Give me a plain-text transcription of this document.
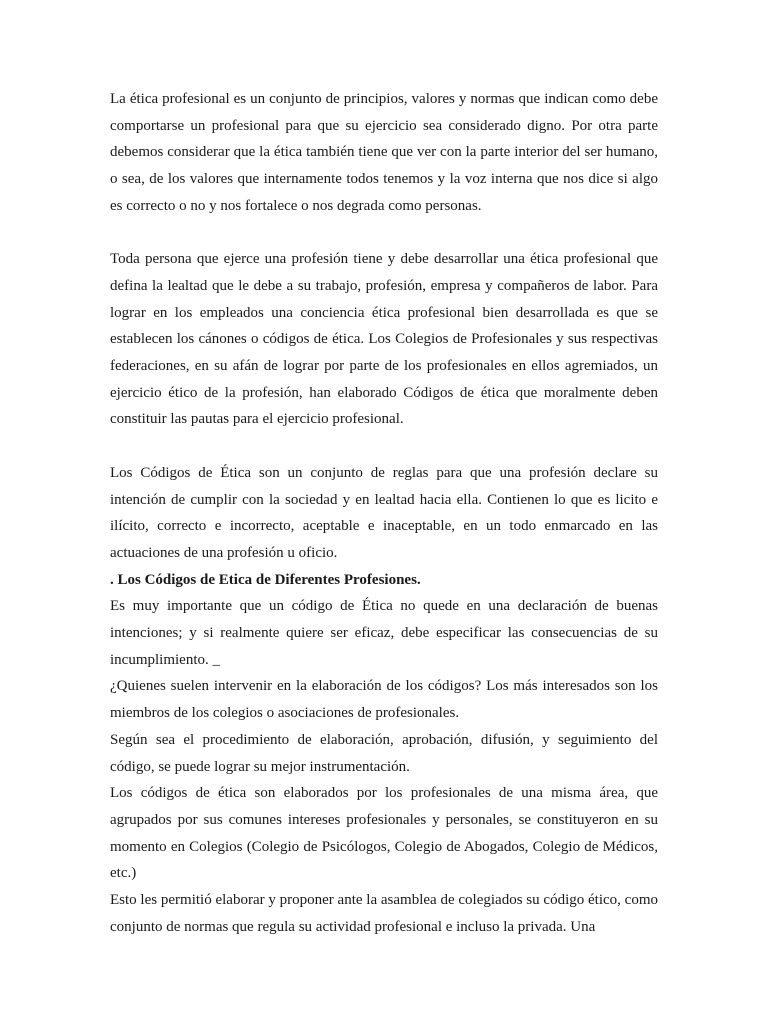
La ética profesional es un conjunto de principios, valores y normas que indican como debe comportarse un profesional para que su ejercicio sea considerado digno. Por otra parte debemos considerar que la ética también tiene que ver con la parte interior del ser humano, o sea, de los valores que internamente todos tenemos y la voz interna que nos dice si algo es correcto o no y nos fortalece o nos degrada como personas.

Toda persona que ejerce una profesión tiene y debe desarrollar una ética profesional que defina la lealtad que le debe a su trabajo, profesión, empresa y compañeros de labor. Para lograr en los empleados una conciencia ética profesional bien desarrollada es que se establecen los cánones o códigos de ética. Los Colegios de Profesionales y sus respectivas federaciones, en su afán de lograr por parte de los profesionales en ellos agremiados, un ejercicio ético de la profesión, han elaborado Códigos de ética que moralmente deben constituir las pautas para el ejercicio profesional.

Los Códigos de Ética son un conjunto de reglas para que una profesión declare su intención de cumplir con la sociedad y en lealtad hacia ella. Contienen lo que es licito e ilícito, correcto e incorrecto, aceptable e inaceptable, en un todo enmarcado en las actuaciones de una profesión u oficio.

. Los Códigos de Etica de Diferentes Profesiones.

Es muy importante que un código de Ética no quede en una declaración de buenas intenciones; y si realmente quiere ser eficaz, debe especificar las consecuencias de su incumplimiento. _

¿Quienes suelen intervenir en la elaboración de los códigos? Los más interesados son los miembros de los colegios o asociaciones de profesionales.

Según sea el procedimiento de elaboración, aprobación, difusión, y seguimiento del código, se puede lograr su mejor instrumentación.

Los códigos de ética son elaborados por los profesionales de una misma área, que agrupados por sus comunes intereses profesionales y personales, se constituyeron en su momento en Colegios (Colegio de Psicólogos, Colegio de Abogados, Colegio de Médicos, etc.)

Esto les permitió elaborar y proponer ante la asamblea de colegiados su código ético, como conjunto de normas que regula su actividad profesional e incluso la privada. Una
